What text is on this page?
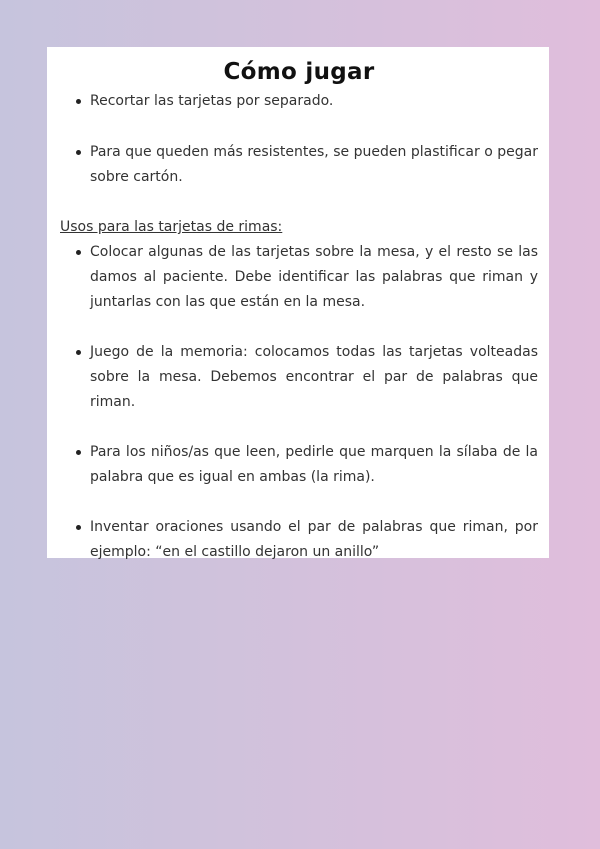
Cómo jugar
Recortar las tarjetas por separado.
Para que queden más resistentes, se pueden plastificar o pegar sobre cartón.

Usos para las tarjetas de rimas:

Colocar algunas de las tarjetas sobre la mesa, y el resto se las damos al paciente. Debe identificar las palabras que riman y juntarlas con las que están en la mesa.
Juego de la memoria: colocamos todas las tarjetas volteadas sobre la mesa. Debemos encontrar el par de palabras que riman.
Para los niños/as que leen, pedirle que marquen la sílaba de la palabra que es igual en ambas (la rima).
Inventar oraciones usando el par de palabras que riman, por ejemplo: “en el castillo dejaron un anillo”
